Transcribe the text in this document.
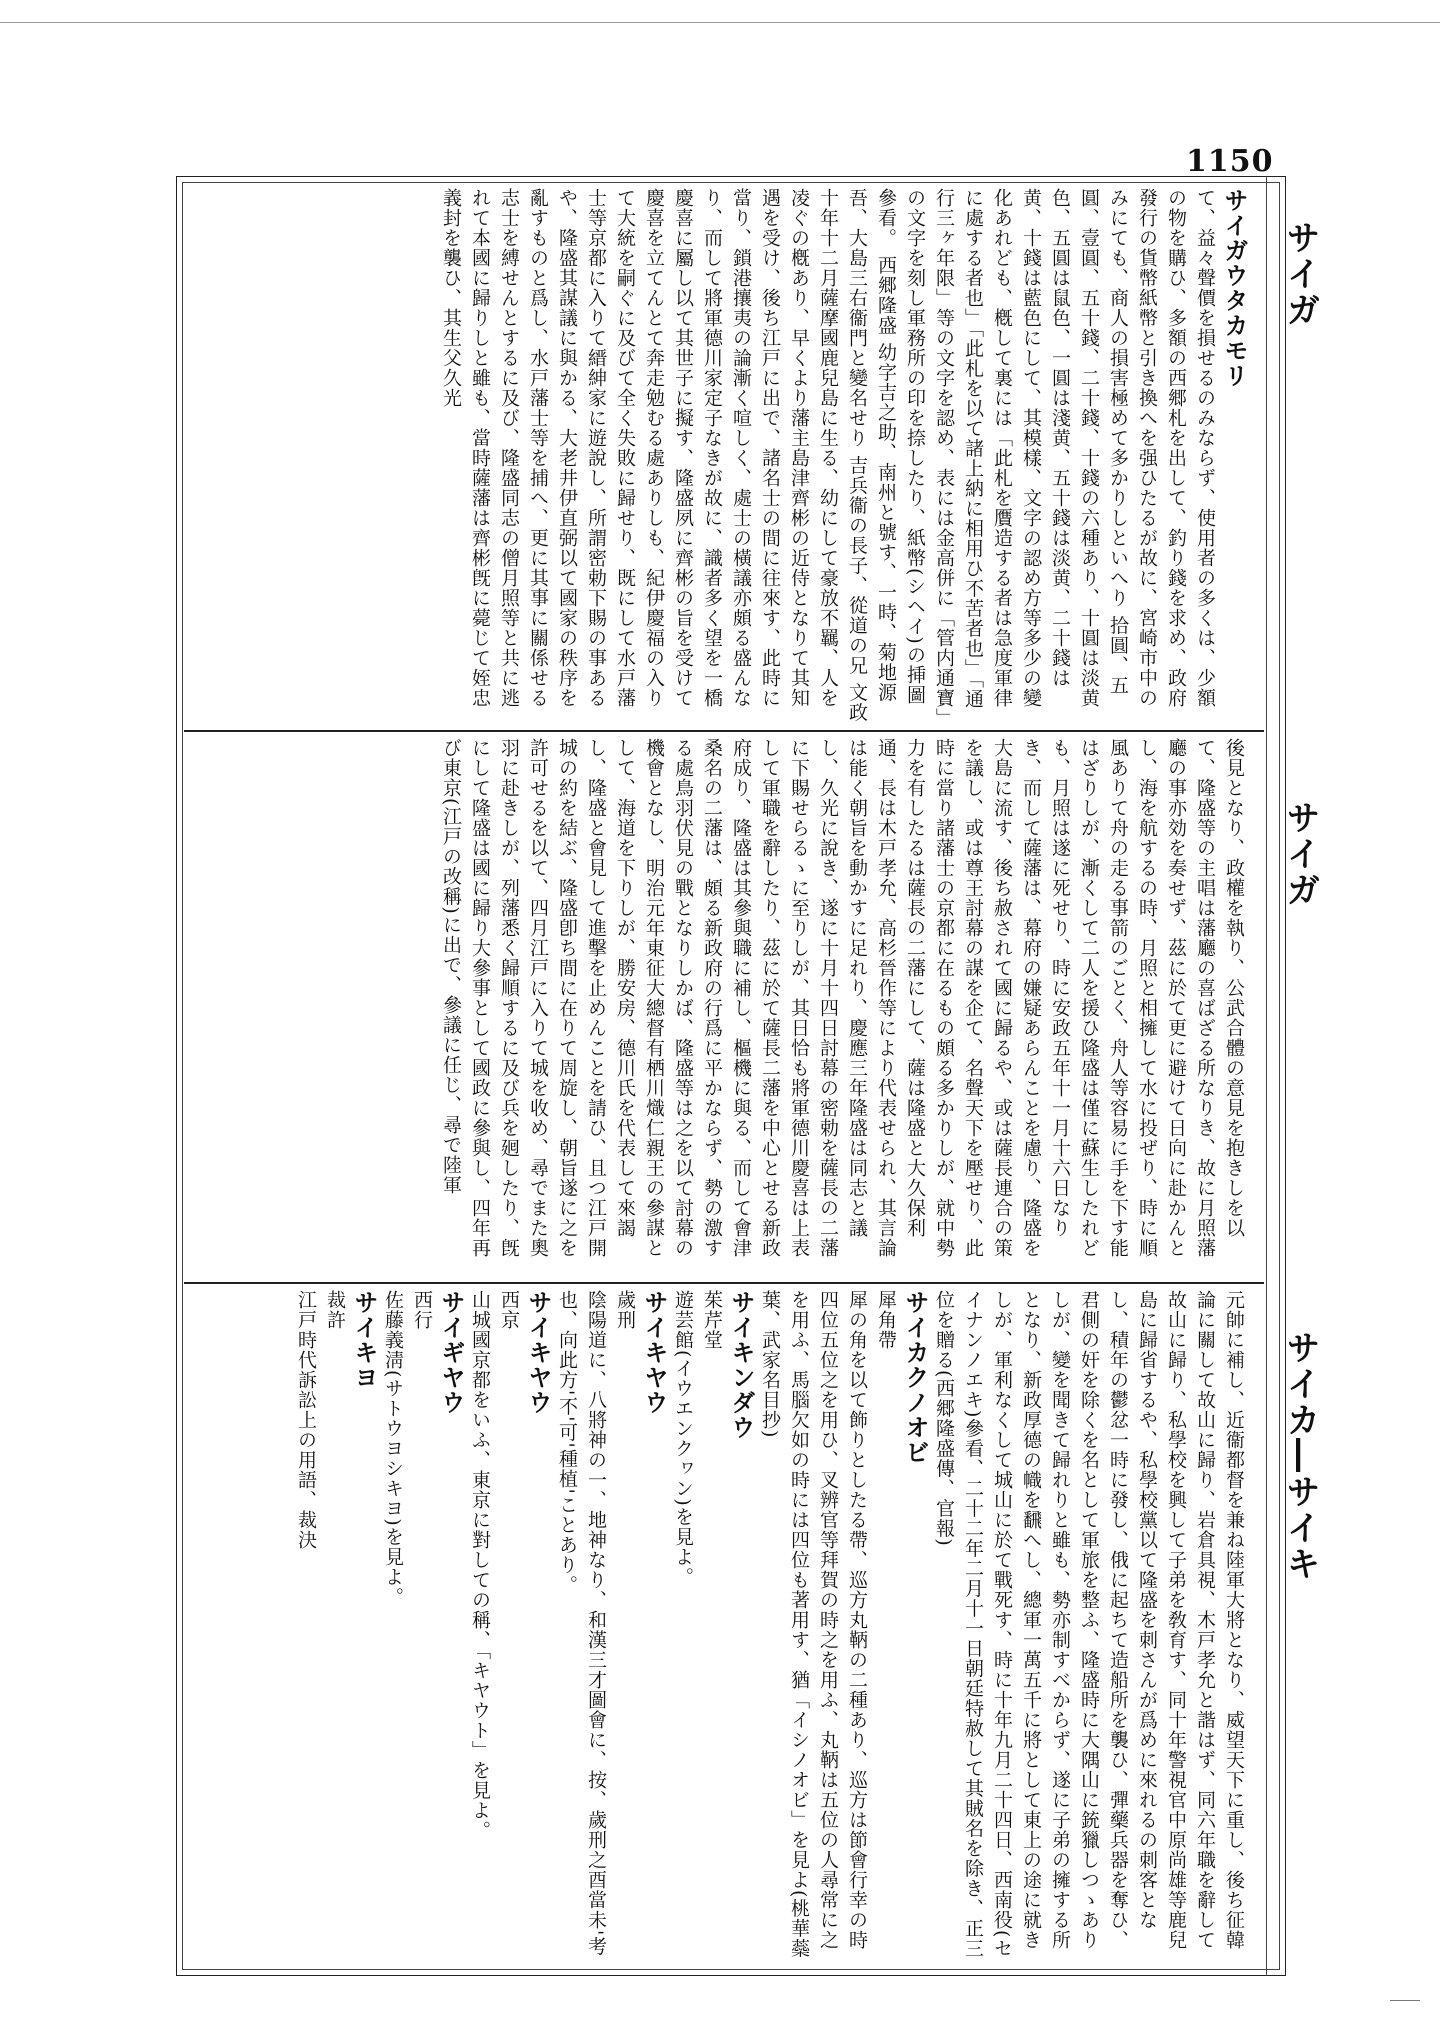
1150
サイガ
サイガ
サイカ―サイキ

サイガウタカモリ

て、益々聲價を損せるのみならず、使用者の多くは、少額の物を購ひ、多額の西郷札を出して、釣り錢を求め、政府發行の貨幣紙幣と引き換へを强ひたるが故に、宮崎市中のみにても、商人の損害極めて多かりしといへり 拾圓、五圓、壹圓、五十錢、二十錢、十錢の六種あり、十圓は淡黄色、五圓は鼠色、一圓は淺黄、五十錢は淡黄、二十錢は黄、十錢は藍色にして、其模樣、文字の認め方等多少の變化あれども、槪して裏には「此札を贋造する者は急度軍律に處する者也」「此札を以て諸上納に相用ひ不苦者也」「通行三ヶ年限」等の文字を認め、表には金高併に「管内通寶」の文字を刻し軍務所の印を捺したり、紙幣(シヘイ)の挿圖參看。 西郷隆盛 幼字吉之助、南州と號す、一時、菊地源吾、大島三右衞門と變名せり 吉兵衞の長子、從道の兄 文政十年十二月薩摩國鹿兒島に生る、幼にして豪放不羈、人を凌ぐの槪あり、早くより藩主島津齊彬の近侍となりて其知遇を受け、後ち江戸に出で、諸名士の間に往來す、此時に當り、鎖港攘夷の論漸く喧しく、處士の橫議亦頗る盛んなり、而して將軍德川家定子なきが故に、識者多く望を一橋慶喜に屬し以て其世子に擬す、隆盛夙に齊彬の旨を受けて慶喜を立てんとて奔走勉むる處ありしも、紀伊慶福の入りて大統を嗣ぐに及びて全く失敗に歸せり、既にして水戸藩士等京都に入りて縉紳家に遊說し、所謂密勅下賜の事あるや、隆盛其謀議に與かる、大老井伊直弼以て國家の秩序を亂すものと爲し、水戸藩士等を捕へ、更に其事に關係せる志士を縛せんとするに及び、隆盛同志の僧月照等と共に逃れて本國に歸りしと雖も、當時薩藩は齊彬旣に薨じて姪忠義封を襲ひ、其生父久光

後見となり、政權を執り、公武合體の意見を抱きしを以て、隆盛等の主唱は藩廳の喜ばざる所なりき、故に月照藩廳の事亦効を奏せず、茲に於て更に避けて日向に赴かんとし、海を航するの時、月照と相擁して水に投ぜり、時に順風ありて舟の走る事箭のごとく、舟人等容易に手を下す能はざりしが、漸くして二人を援ひ隆盛は僅に蘇生したれども、月照は遂に死せり、時に安政五年十一月十六日なりき、而して薩藩は、幕府の嫌疑あらんことを慮り、隆盛を大島に流す、後ち赦されて國に歸るや、或は薩長連合の策を議し、或は尊王討幕の謀を企て、名聲天下を壓せり、此時に當り諸藩士の京都に在るもの頗る多かりしが、就中勢力を有したるは薩長の二藩にして、薩は隆盛と大久保利通、長は木戸孝允、高杉晉作等により代表せられ、其言論は能く朝旨を動かすに足れり、慶應三年隆盛は同志と議し、久光に說き、遂に十月十四日討幕の密勅を薩長の二藩に下賜せらるゝに至りしが、其日恰も將軍德川慶喜は上表して軍職を辭したり、茲に於て薩長二藩を中心とせる新政府成り、隆盛は其參與職に補し、樞機に與る、而して會津桑名の二藩は、頗る新政府の行爲に平かならず、勢の激する處鳥羽伏見の戰となりしかば、隆盛等は之を以て討幕の機會となし、明治元年東征大總督有栖川熾仁親王の參謀として、海道を下りしが、勝安房、德川氏を代表して來謁し、隆盛と會見して進擊を止めんことを請ひ、且つ江戸開城の約を結ぶ、隆盛卽ち間に在りて周旋し、朝旨遂に之を許可せるを以て、四月江戸に入りて城を收め、尋でまた奧羽に赴きしが、列藩悉く歸順するに及び兵を𢌞したり、旣にして隆盛は國に歸り大參事として國政に參與し、四年再び東京(江戸の改稱)に出で、參議に任じ、尋で陸軍

元帥に補し、近衞都督を兼ね陸軍大將となり、威望天下に重し、後ち征韓論に關して故山に歸り、岩倉具視、木戸孝允と諧はず、同六年職を辭して故山に歸り、私學校を興して子弟を敎育す、同十年警視官中原尚雄等鹿兒島に歸省するや、私學校黨以て隆盛を刺さんが爲めに來れるの刺客となし、積年の鬱忿一時に發し、俄に起ちて造船所を襲ひ、彈藥兵器を奪ひ、君側の奸を除くを名として軍旅を整ふ、隆盛時に大隅山に銃獵しつゝありしが、變を聞きて歸れりと雖も、勢亦制すべからず、遂に子弟の擁する所となり、新政厚德の幟を飜へし、總軍一萬五千に將として東上の途に就きしが、軍利なくして城山に於て戰死す、時に十年九月二十四日、西南役(セイナンノエキ)參看、二十二年二月十一日朝廷特赦して其賊名を除き、正三位を贈る(西郷隆盛傳、官報)

サイカクノオビ

犀角帶

犀の角を以て飾りとしたる帶、巡方丸鞆の二種あり、巡方は節會行幸の時四位五位之を用ひ、叉辨官等拜賀の時之を用ふ、丸鞆は五位の人尋常に之を用ふ、馬腦欠如の時には四位も著用す、猶「イシノオビ」を見よ(桃華蘂葉、武家名目抄)

サイキンダウ

茱芹堂

遊芸館(イウエンクヮン)を見よ。

サイキヤウ

歲刑

陰陽道に、八將神の一、地神なり、和漢三才圖會に、按、歲刑之酉當未'考也、向此方'不'可'種植'ことあり。

サイキヤウ

西京

山城國京都をいふ、東京に對しての稱、「キヤウト」を見よ。

サイギヤウ

西行

佐藤義淸(サトウヨシキヨ)を見よ。

サイキヨ

裁許

江戸時代訴訟上の用語、裁決
